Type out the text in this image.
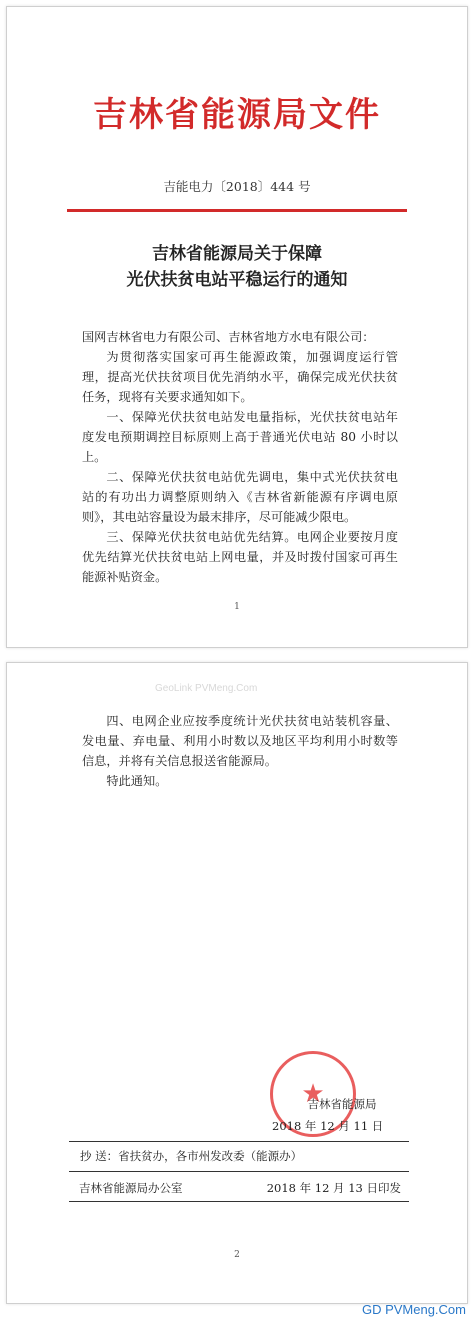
吉林省能源局文件
吉能电力〔2018〕444 号
吉林省能源局关于保障
光伏扶贫电站平稳运行的通知

国网吉林省电力有限公司、吉林省地方水电有限公司：

为贯彻落实国家可再生能源政策，加强调度运行管理，提高光伏扶贫项目优先消纳水平，确保完成光伏扶贫任务，现将有关要求通知如下。

一、保障光伏扶贫电站发电量指标，光伏扶贫电站年度发电预期调控目标原则上高于普通光伏电站 80 小时以上。

二、保障光伏扶贫电站优先调电，集中式光伏扶贫电站的有功出力调整原则纳入《吉林省新能源有序调电原则》，其电站容量设为最末排序，尽可能减少限电。

三、保障光伏扶贫电站优先结算。电网企业要按月度优先结算光伏扶贫电站上网电量，并及时拨付国家可再生能源补贴资金。

1
GeoLink PVMeng.Com

四、电网企业应按季度统计光伏扶贫电站装机容量、发电量、弃电量、利用小时数以及地区平均利用小时数等信息，并将有关信息报送省能源局。

特此通知。

★
吉林省能源局
2018 年 12 月 11 日
抄 送：省扶贫办，各市州发改委（能源办）
吉林省能源局办公室	2018 年 12 月 13 日印发
2
GD PVMeng.Com
